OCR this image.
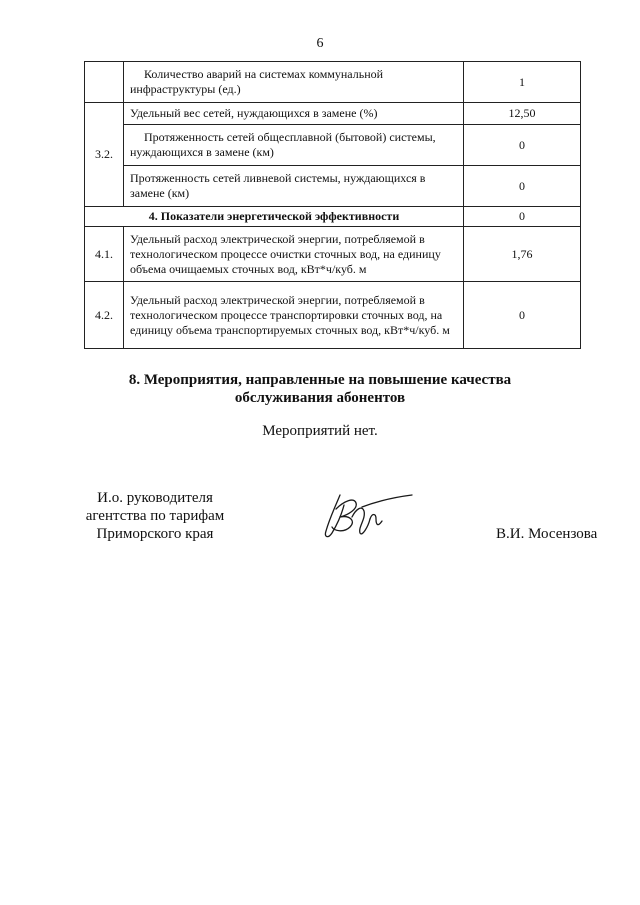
6
	Количество аварий на системах коммунальной инфраструктуры (ед.)	1
3.2.	Удельный вес сетей, нуждающихся в замене (%)	12,50
	Протяженность сетей общесплавной (бытовой) системы, нуждающихся в замене (км)	0
	Протяженность сетей ливневой системы, нуждающихся в замене (км)	0
4. Показатели энергетической эффективности		0
4.1.	Удельный расход электрической энергии, потребляемой в технологическом процессе очистки сточных вод, на единицу объема очищаемых сточных вод, кВт*ч/куб. м	1,76
4.2.	Удельный расход электрической энергии, потребляемой в технологическом процессе транспортировки сточных вод, на единицу объема транспортируемых сточных вод, кВт*ч/куб. м	0
8. Мероприятия, направленные на повышение качества
обслуживания абонентов
Мероприятий нет.
И.о. руководителя
агентства по тарифам
Приморского края	В.И. Мосензова
